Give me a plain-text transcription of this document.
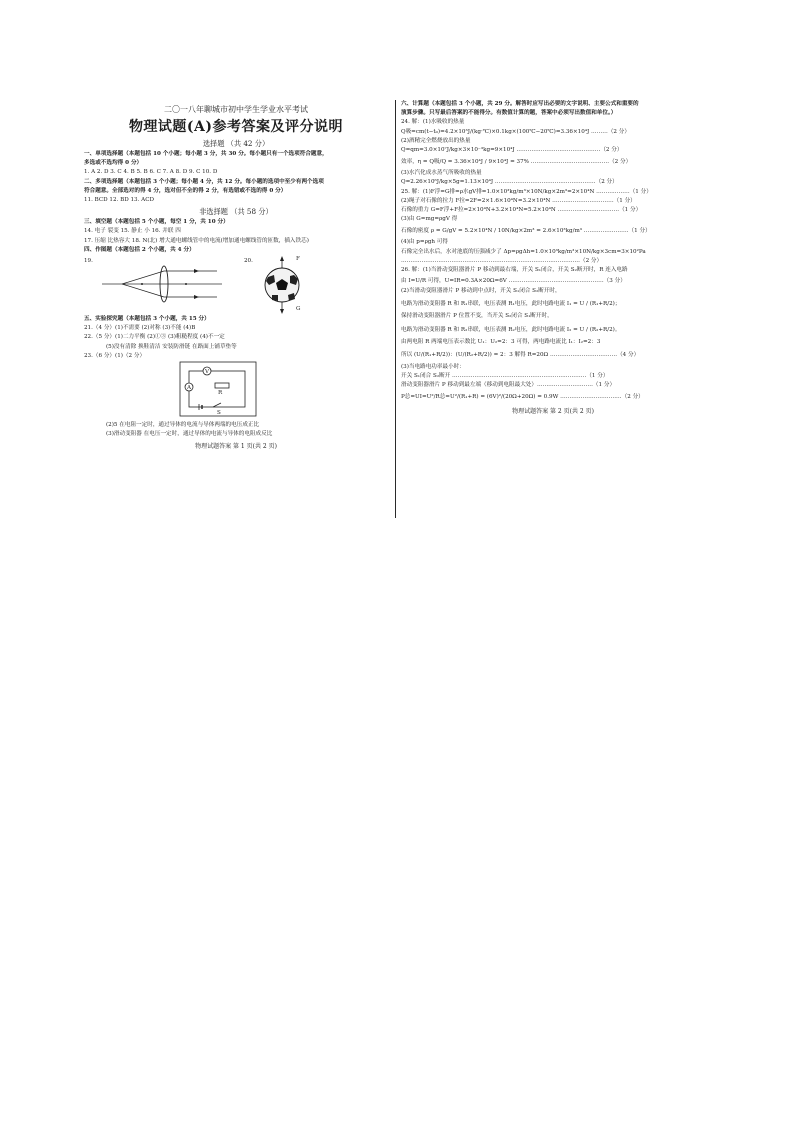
二〇一八年聊城市初中学生学业水平考试
物理试题(A)参考答案及评分说明
选择题 （共 42 分）
一、单项选择题（本题包括 10 个小题；每小题 3 分，共 30 分。每小题只有一个选项符合题意，
多选或不选均得 0 分）
1. A 2. D 3. C 4. B 5. B 6. C 7. A 8. D 9. C 10. D
二、多项选择题（本题包括 3 个小题；每小题 4 分，共 12 分。每小题的选项中至少有两个选项
符合题意。全部选对的得 4 分，选对但不全的得 2 分，有选错或不选的得 0 分）
11. BCD 12. BD 13. ACD
非选择题 （共 58 分）
三、填空题（本题包括 5 个小题，每空 1 分，共 10 分）
14. 电子 裂变 15. 静止 小 16. 并联 四
17. 压缩 比热容大 18. N(北) 增大通电螺线管中的电流(增加通电螺线管的匝数，插入铁芯)
四、作图题（本题包括 2 个小题，共 4 分）
19.	20.	F
G
五、实验探究题（本题包括 3 个小题，共 15 分）
21.（4 分）(1)不需要 (2)对称 (3)不能 (4)B
22.（5 分）(1)二力平衡 (2)①③ (3)粗糙程度 (4)不一定
(5)没有清除 换鞋清洁 安装防滑链 在路面上铺草垫等
23.（6 分）(1)（2 分）
V
A
R
S
(2)5 在电阻一定时，通过导体的电流与导体两端的电压成正比
(3)滑动变阻器 在电压一定时，通过导体的电流与导体的电阻成反比
物理试题答案 第 1 页(共 2 页)
六、计算题（本题包括 3 个小题，共 29 分。解答时应写出必要的文字说明、主要公式和重要的
演算步骤。只写最后答案的不能得分。有数值计算的题，答案中必须写出数值和单位。）
24. 解：(1)水吸收的热量
Q吸=cm(t−t₀)=4.2×10³J/(kg·℃)×0.1kg×(100℃−20℃)=3.36×10⁴J ………（2 分）
(2)酒精完全燃烧放出的热量
Q=qm=3.0×10⁷J/kg×3×10⁻³kg=9×10⁴J ………………………………………（2 分）
效率，η = Q吸/Q = 3.36×10⁴J / 9×10⁴J = 37% ……………………………………（2 分）
(3)水汽化成水蒸气所吸收的热量
Q=2.26×10⁶J/kg×5g=1.13×10⁴J ………………………………………………（2 分）
25. 解：(1)F浮=G排=ρ水gV排=1.0×10³kg/m³×10N/kg×2m³=2×10⁴N ………………（1 分）
(2)绳子对石像的拉力 F拉=2F=2×1.6×10⁴N=3.2×10⁴N ……………………………（1 分）
石像的重力 G=F浮+F拉=2×10⁴N+3.2×10⁴N=5.2×10⁴N ……………………………（1 分）
(3)由 G=mg=ρgV 得
石像的密度 ρ = G/gV = 5.2×10⁴N / 10N/kg×2m³ = 2.6×10³kg/m³ ……………………（1 分）
(4)由 p=ρgh 可得
石像完全出水后，水对池底的压强减少了 Δp=ρgΔh=1.0×10³kg/m³×10N/kg×3cm=3×10²Pa
……………………………………………………………………………………（2 分）
26. 解：(1)当滑动变阻器滑片 P 移动到最右端，开关 S₁闭合，开关 S₂断开时，R 连入电路
由 I=U/R 可得，U=IR=0.3A×20Ω=6V ……………………………………………（3 分）
(2)当滑动变阻器滑片 P 移动到中点时，开关 S₁闭合 S₂断开时，
电路为滑动变阻器 R 和 R₁串联，电压表测 R₁电压，此时电路电流 I₁ = U / (R₁+R/2)；
保持滑动变阻器滑片 P 位置不变，当开关 S₂闭合 S₁断开时，
电路为滑动变阻器 R 和 R₂串联，电压表测 R₂电压，此时电路电流 I₂ = U / (R₂+R/2)。
由两电阻 R 两端电压表示数比 U₁：U₂=2：3 可得，两电路电流比 I₁：I₂=2：3
所以 (U/(R₁+R/2))：(U/(R₂+R/2)) = 2：3 解得 R=20Ω ………………………………（4 分）
(3)当电路电功率最小时：
开关 S₁闭合 S₂断开 ………………………………………………………………（1 分）
滑动变阻器滑片 P 移动到最左端（移动到电阻最大处）…………………………（1 分）
P总=UI=U²/R总=U²/(R₁+R) = (6V)²/(20Ω+20Ω) = 0.9W ……………………………（2 分）
物理试题答案 第 2 页(共 2 页)
